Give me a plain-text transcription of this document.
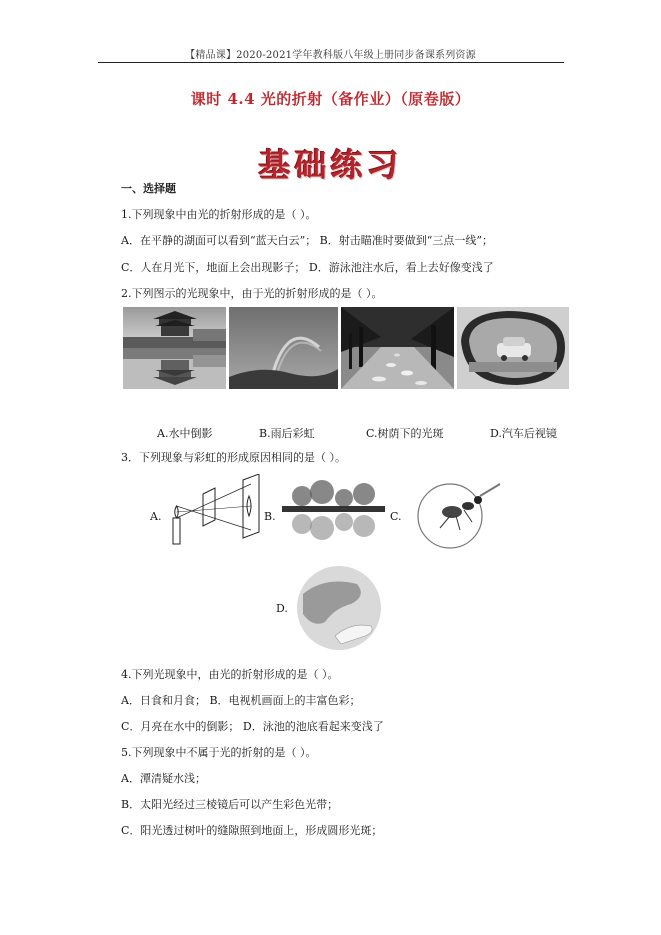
【精品课】2020-2021学年教科版八年级上册同步备课系列资源
课时 4.4 光的折射（备作业）（原卷版）
基础练习
一、选择题
1.下列现象中由光的折射形成的是（ ）。
A．在平静的湖面可以看到“蓝天白云”； B．射击瞄准时要做到“三点一线”；
C．人在月光下，地面上会出现影子； D．游泳池注水后，看上去好像变浅了
2.下列图示的光现象中，由于光的折射形成的是（ ）。
A.水中倒影	B.雨后彩虹	C.树荫下的光斑	D.汽车后视镜
3．下列现象与彩虹的形成原因相同的是（ ）。
A.	B.	C.
D.
4.下列光现象中，由光的折射形成的是（ ）。
A．日食和月食； B．电视机画面上的丰富色彩；
C．月亮在水中的倒影； D．泳池的池底看起来变浅了
5.下列现象中不属于光的折射的是（ ）。
A．潭清疑水浅；
B．太阳光经过三棱镜后可以产生彩色光带；
C．阳光透过树叶的缝隙照到地面上，形成圆形光斑；
